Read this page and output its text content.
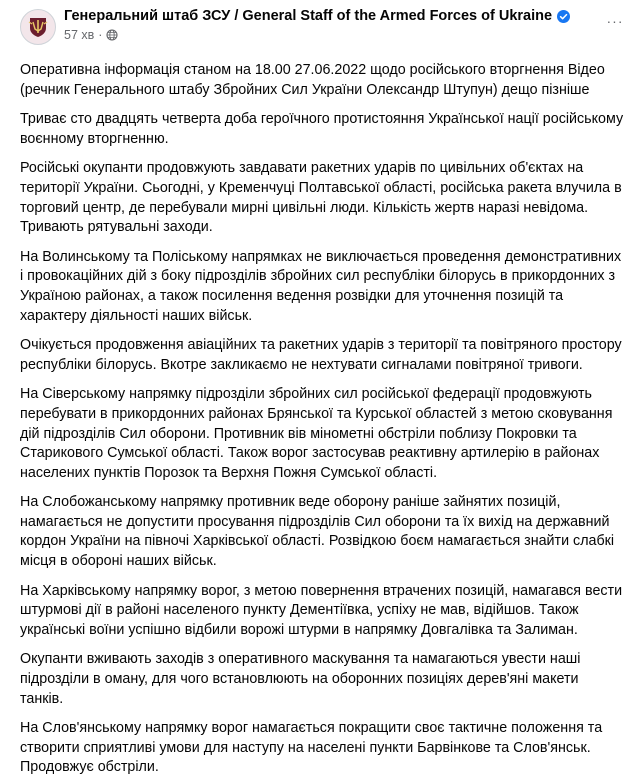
Генеральний штаб ЗСУ / General Staff of the Armed Forces of Ukraine
57 хв ·
···

Оперативна інформація станом на 18.00 27.06.2022 щодо російського вторгнення Відео (речник Генерального штабу Збройних Сил України Олександр Штупун) дещо пізніше

Триває сто двадцять четверта доба героїчного протистояння Української нації російському воєнному вторгненню.

Російські окупанти продовжують завдавати ракетних ударів по цивільних об'єктах на території України. Сьогодні, у Кременчуці Полтавської області, російська ракета влучила в торговий центр, де перебували мирні цивільні люди. Кількість жертв наразі невідома. Тривають рятувальні заходи.

На Волинському та Поліському напрямках не виключається проведення демонстративних і провокаційних дій з боку підрозділів збройних сил республіки білорусь в прикордонних з Україною районах, а також посилення ведення розвідки для уточнення позицій та характеру діяльності наших військ.

Очікується продовження авіаційних та ракетних ударів з території та повітряного простору республіки білорусь. Вкотре закликаємо не нехтувати сигналами повітряної тривоги.

На Сіверському напрямку підрозділи збройних сил російської федерації продовжують перебувати в прикордонних районах Брянської та Курської областей з метою сковування дій підрозділів Сил оборони. Противник вів мінометні обстріли поблизу Покровки та Старикового Сумської області. Також ворог застосував реактивну артилерію в районах населених пунктів Порозок та Верхня Пожня Сумської області.

На Слобожанському напрямку противник веде оборону раніше зайнятих позицій, намагається не допустити просування підрозділів Сил оборони та їх вихід на державний кордон України на півночі Харківської області. Розвідкою боєм намагається знайти слабкі місця в обороні наших військ.

На Харківському напрямку ворог, з метою повернення втрачених позицій, намагався вести штурмові дії в районі населеного пункту Дементіївка, успіху не мав, відійшов. Також українські воїни успішно відбили ворожі штурми в напрямку Довгалівка та Залиман.

Окупанти вживають заходів з оперативного маскування та намагаються увести наші підрозділи в оману, для чого встановлюють на оборонних позиціях дерев'яні макети танків.

На Слов'янському напрямку ворог намагається покращити своє тактичне положення та створити сприятливі умови для наступу на населені пункти Барвінкове та Слов'янськ. Продовжує обстріли.
